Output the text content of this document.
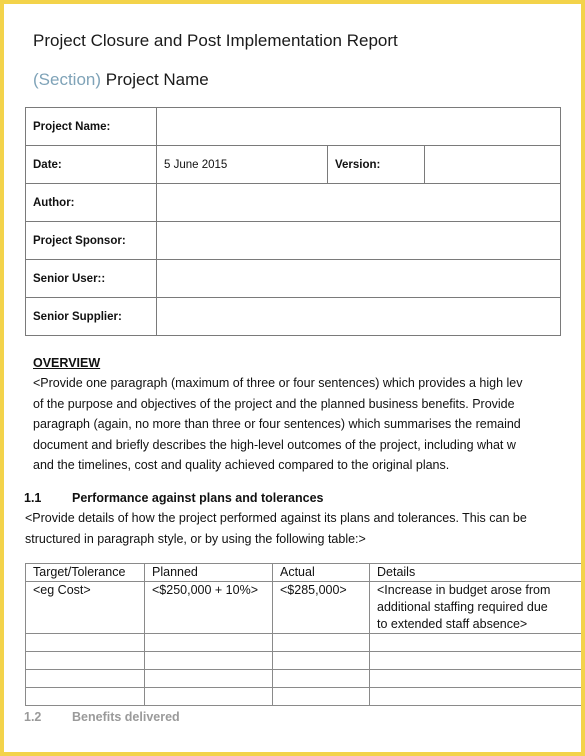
Project Closure and Post Implementation Report
(Section) Project Name
Project Name:			
Date:	5 June 2015	Version:	
Author:			
Project Sponsor:			
Senior User::			
Senior Supplier:			
OVERVIEW
<Provide one paragraph (maximum of three or four sentences) which provides a high lev
of the purpose and objectives of the project and the planned business benefits. Provide
paragraph (again, no more than three or four sentences) which summarises the remaind
document and briefly describes the high-level outcomes of the project, including what w
and the timelines, cost and quality achieved compared to the original plans.
1.1 Performance against plans and tolerances
<Provide details of how the project performed against its plans and tolerances. This can be
structured in paragraph style, or by using the following table:>
Target/Tolerance	Planned	Actual	Details
<eg Cost>	<$250,000 + 10%>	<$285,000>	<Increase in budget arose from
additional staffing required due
to extended staff absence>

1.2 Benefits delivered
